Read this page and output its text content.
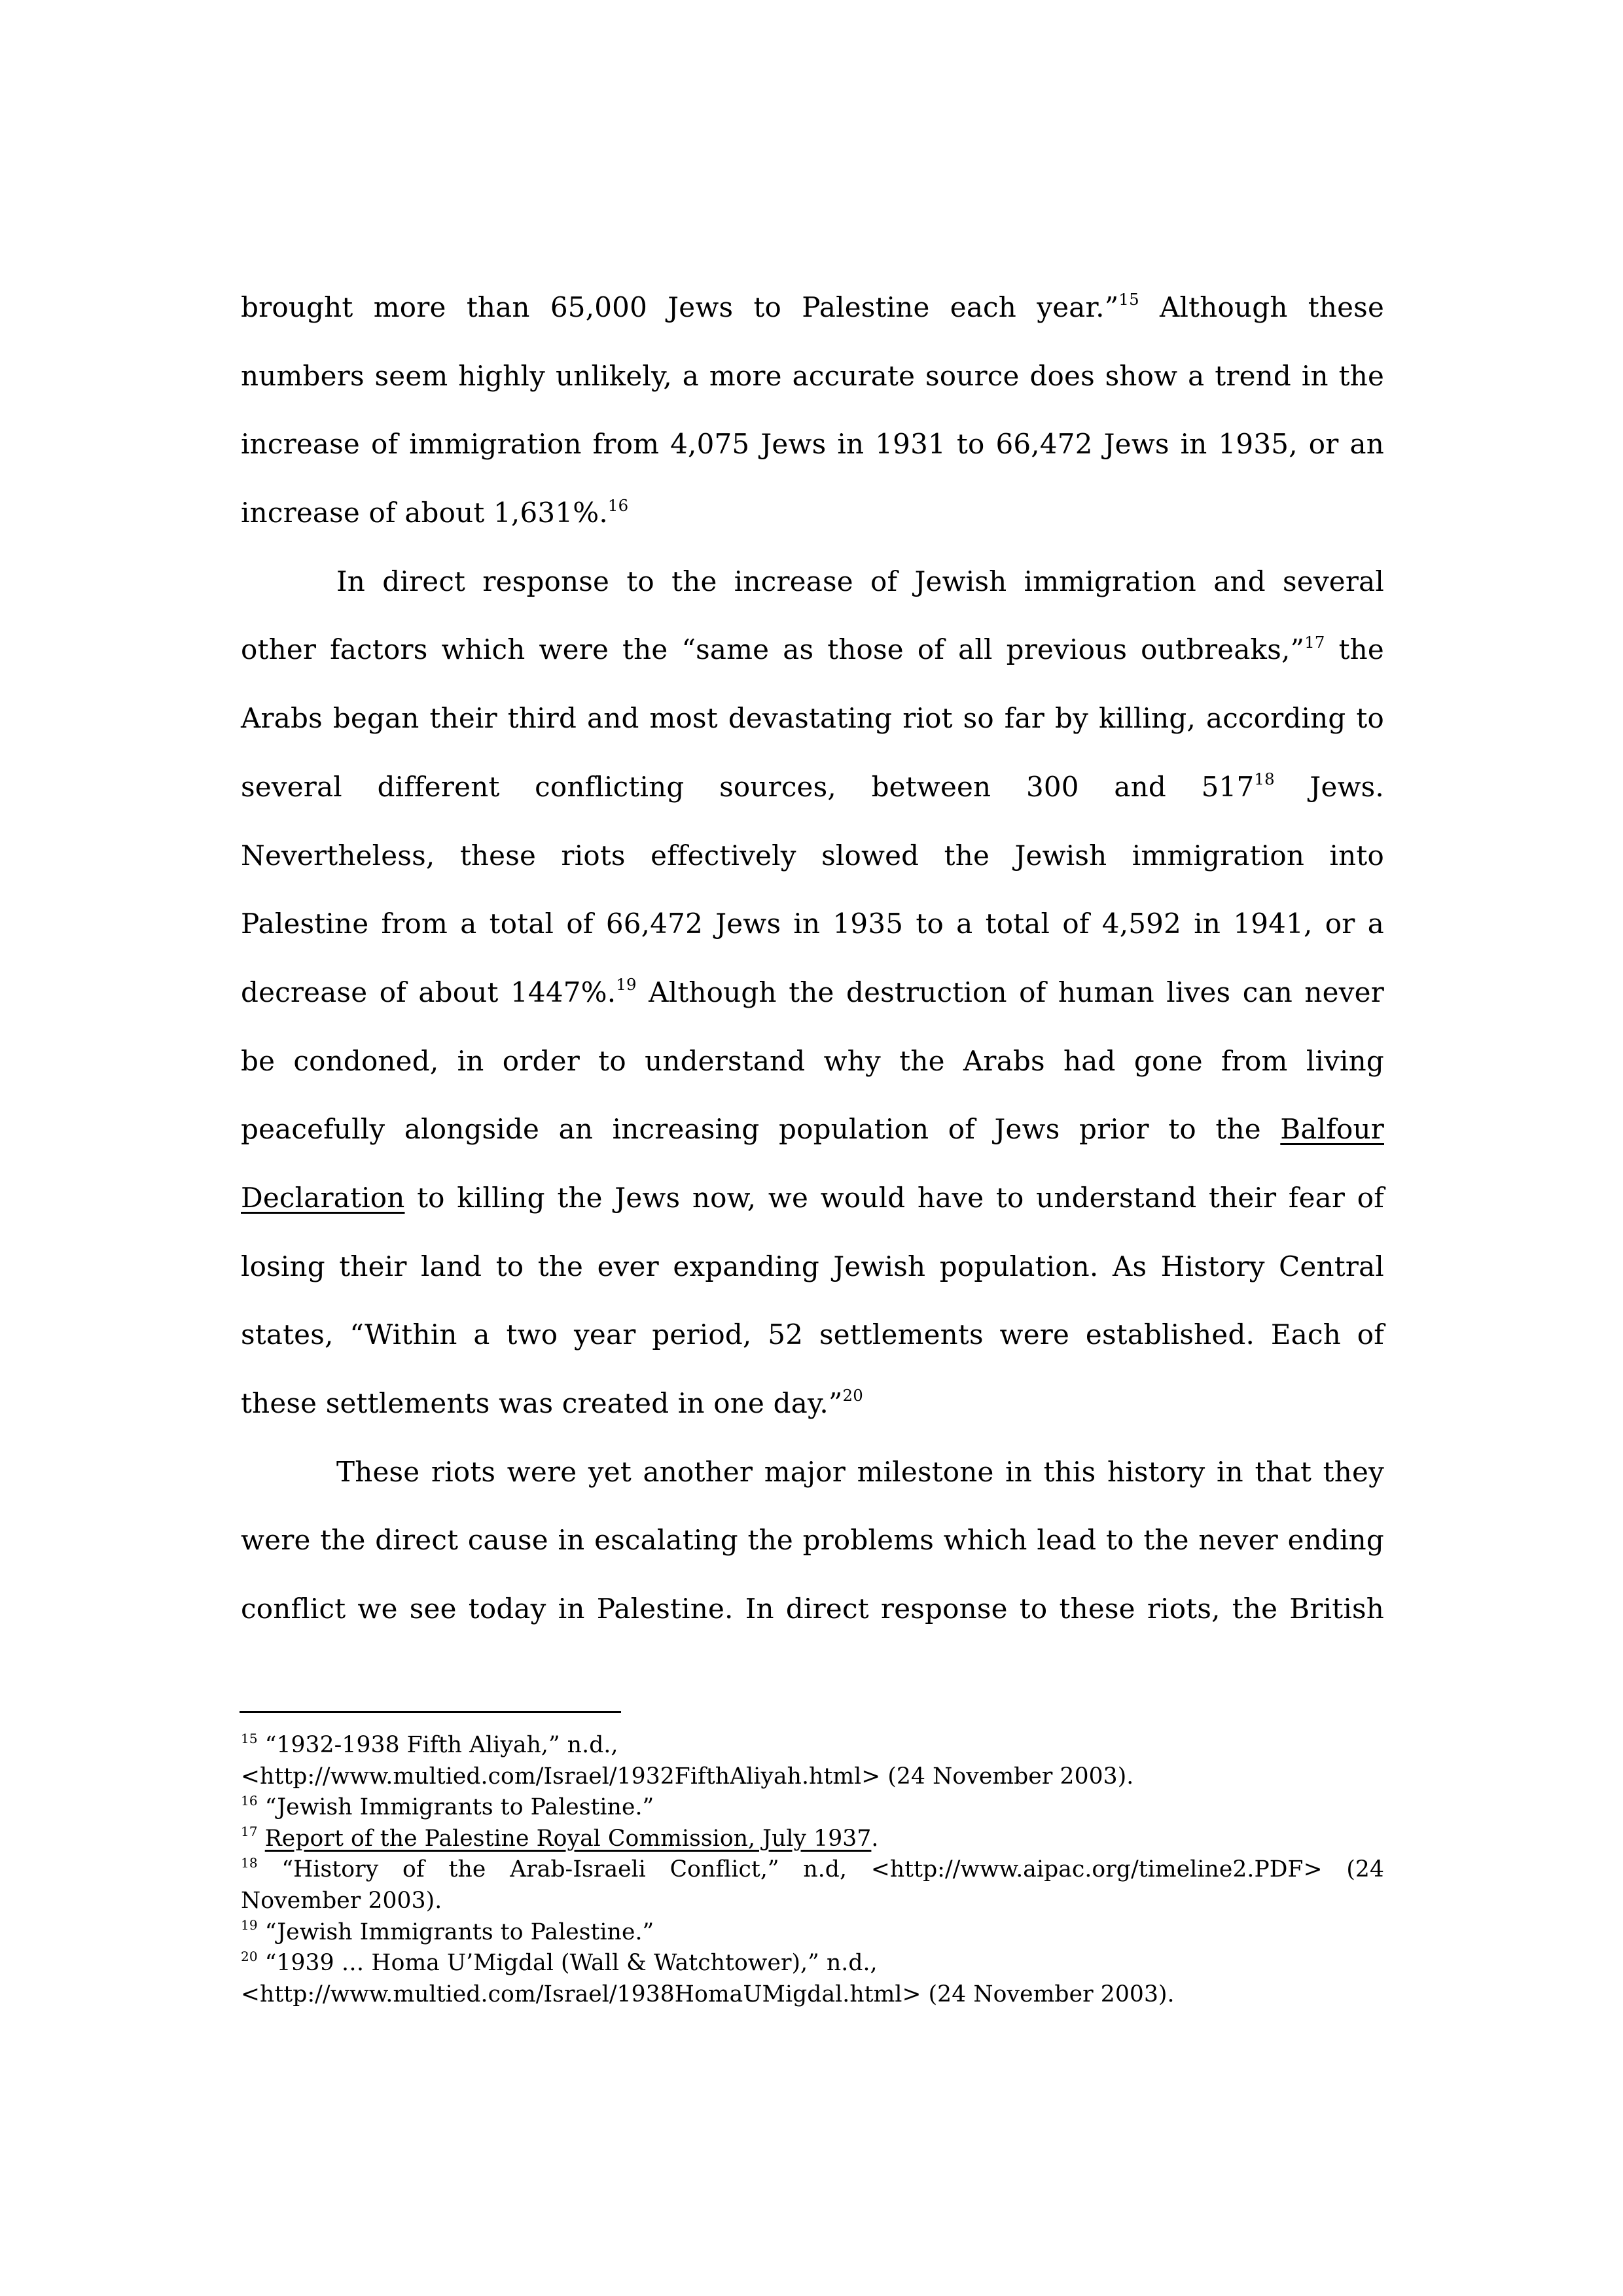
brought more than 65,000 Jews to Palestine each year.”$^{15}$ Although these
numbers seem highly unlikely, a more accurate source does show a trend in the
increase of immigration from 4,075 Jews in 1931 to 66,472 Jews in 1935, or an
increase of about 1,631%.$^{16}$
In direct response to the increase of Jewish immigration and several
other factors which were the “same as those of all previous outbreaks,”$^{17}$ the
Arabs began their third and most devastating riot so far by killing, according to
several different conflicting sources, between 300 and $517^{18}$ Jews.
Nevertheless, these riots effectively slowed the Jewish immigration into
Palestine from a total of 66,472 Jews in 1935 to a total of 4,592 in 1941, or a
decrease of about 1447%.$^{19}$ Although the destruction of human lives can never
be condoned, in order to understand why the Arabs had gone from living
peacefully alongside an increasing population of Jews prior to the Balfour
Declaration to killing the Jews now, we would have to understand their fear of
losing their land to the ever expanding Jewish population. As History Central
states, “Within a two year period, 52 settlements were established. Each of
these settlements was created in one day.”$^{20}$
These riots were yet another major milestone in this history in that they
were the direct cause in escalating the problems which lead to the never ending
conflict we see today in Palestine. In direct response to these riots, the British
$^{15}$ “1932-1938 Fifth Aliyah,” n.d.,
<http://www.multied.com/Israel/1932FifthAliyah.html> (24 November 2003).
$^{16}$ “Jewish Immigrants to Palestine.”
$^{17}$ Report of the Palestine Royal Commission, July 1937.
$^{18}$ “History of the Arab-Israeli Conflict,” n.d, <http://www.aipac.org/timeline2.PDF> (24
November 2003).
$^{19}$ “Jewish Immigrants to Palestine.”
$^{20}$ “1939 … Homa U’Migdal (Wall & Watchtower),” n.d.,
<http://www.multied.com/Israel/1938HomaUMigdal.html> (24 November 2003).
